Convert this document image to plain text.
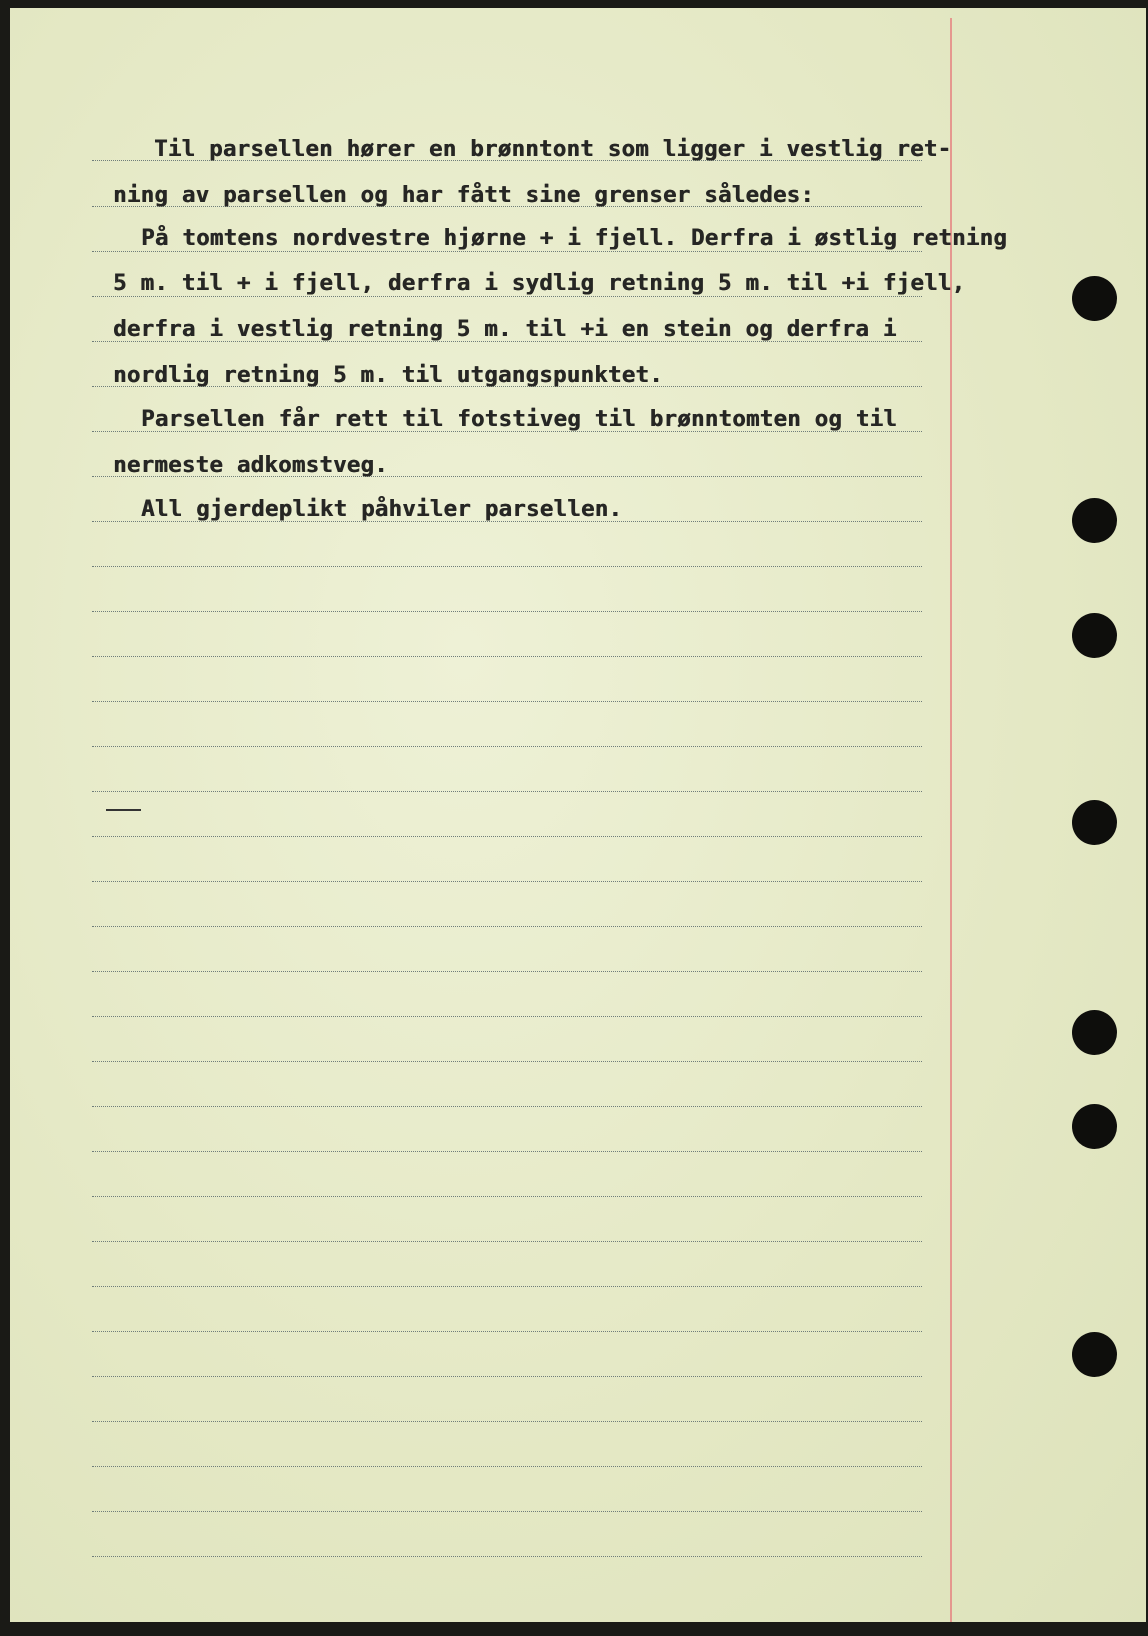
Til parsellen hører en brønntont som ligger i vestlig ret-
ning av parsellen og har fått sine grenser således:
På tomtens nordvestre hjørne + i fjell. Derfra i østlig retning
5 m. til + i fjell, derfra i sydlig retning 5 m. til +i fjell,
derfra i vestlig retning 5 m. til +i en stein og derfra i
nordlig retning 5 m. til utgangspunktet.
Parsellen får rett til fotstiveg til brønntomten og til
nermeste adkomstveg.
All gjerdeplikt påhviler parsellen.
